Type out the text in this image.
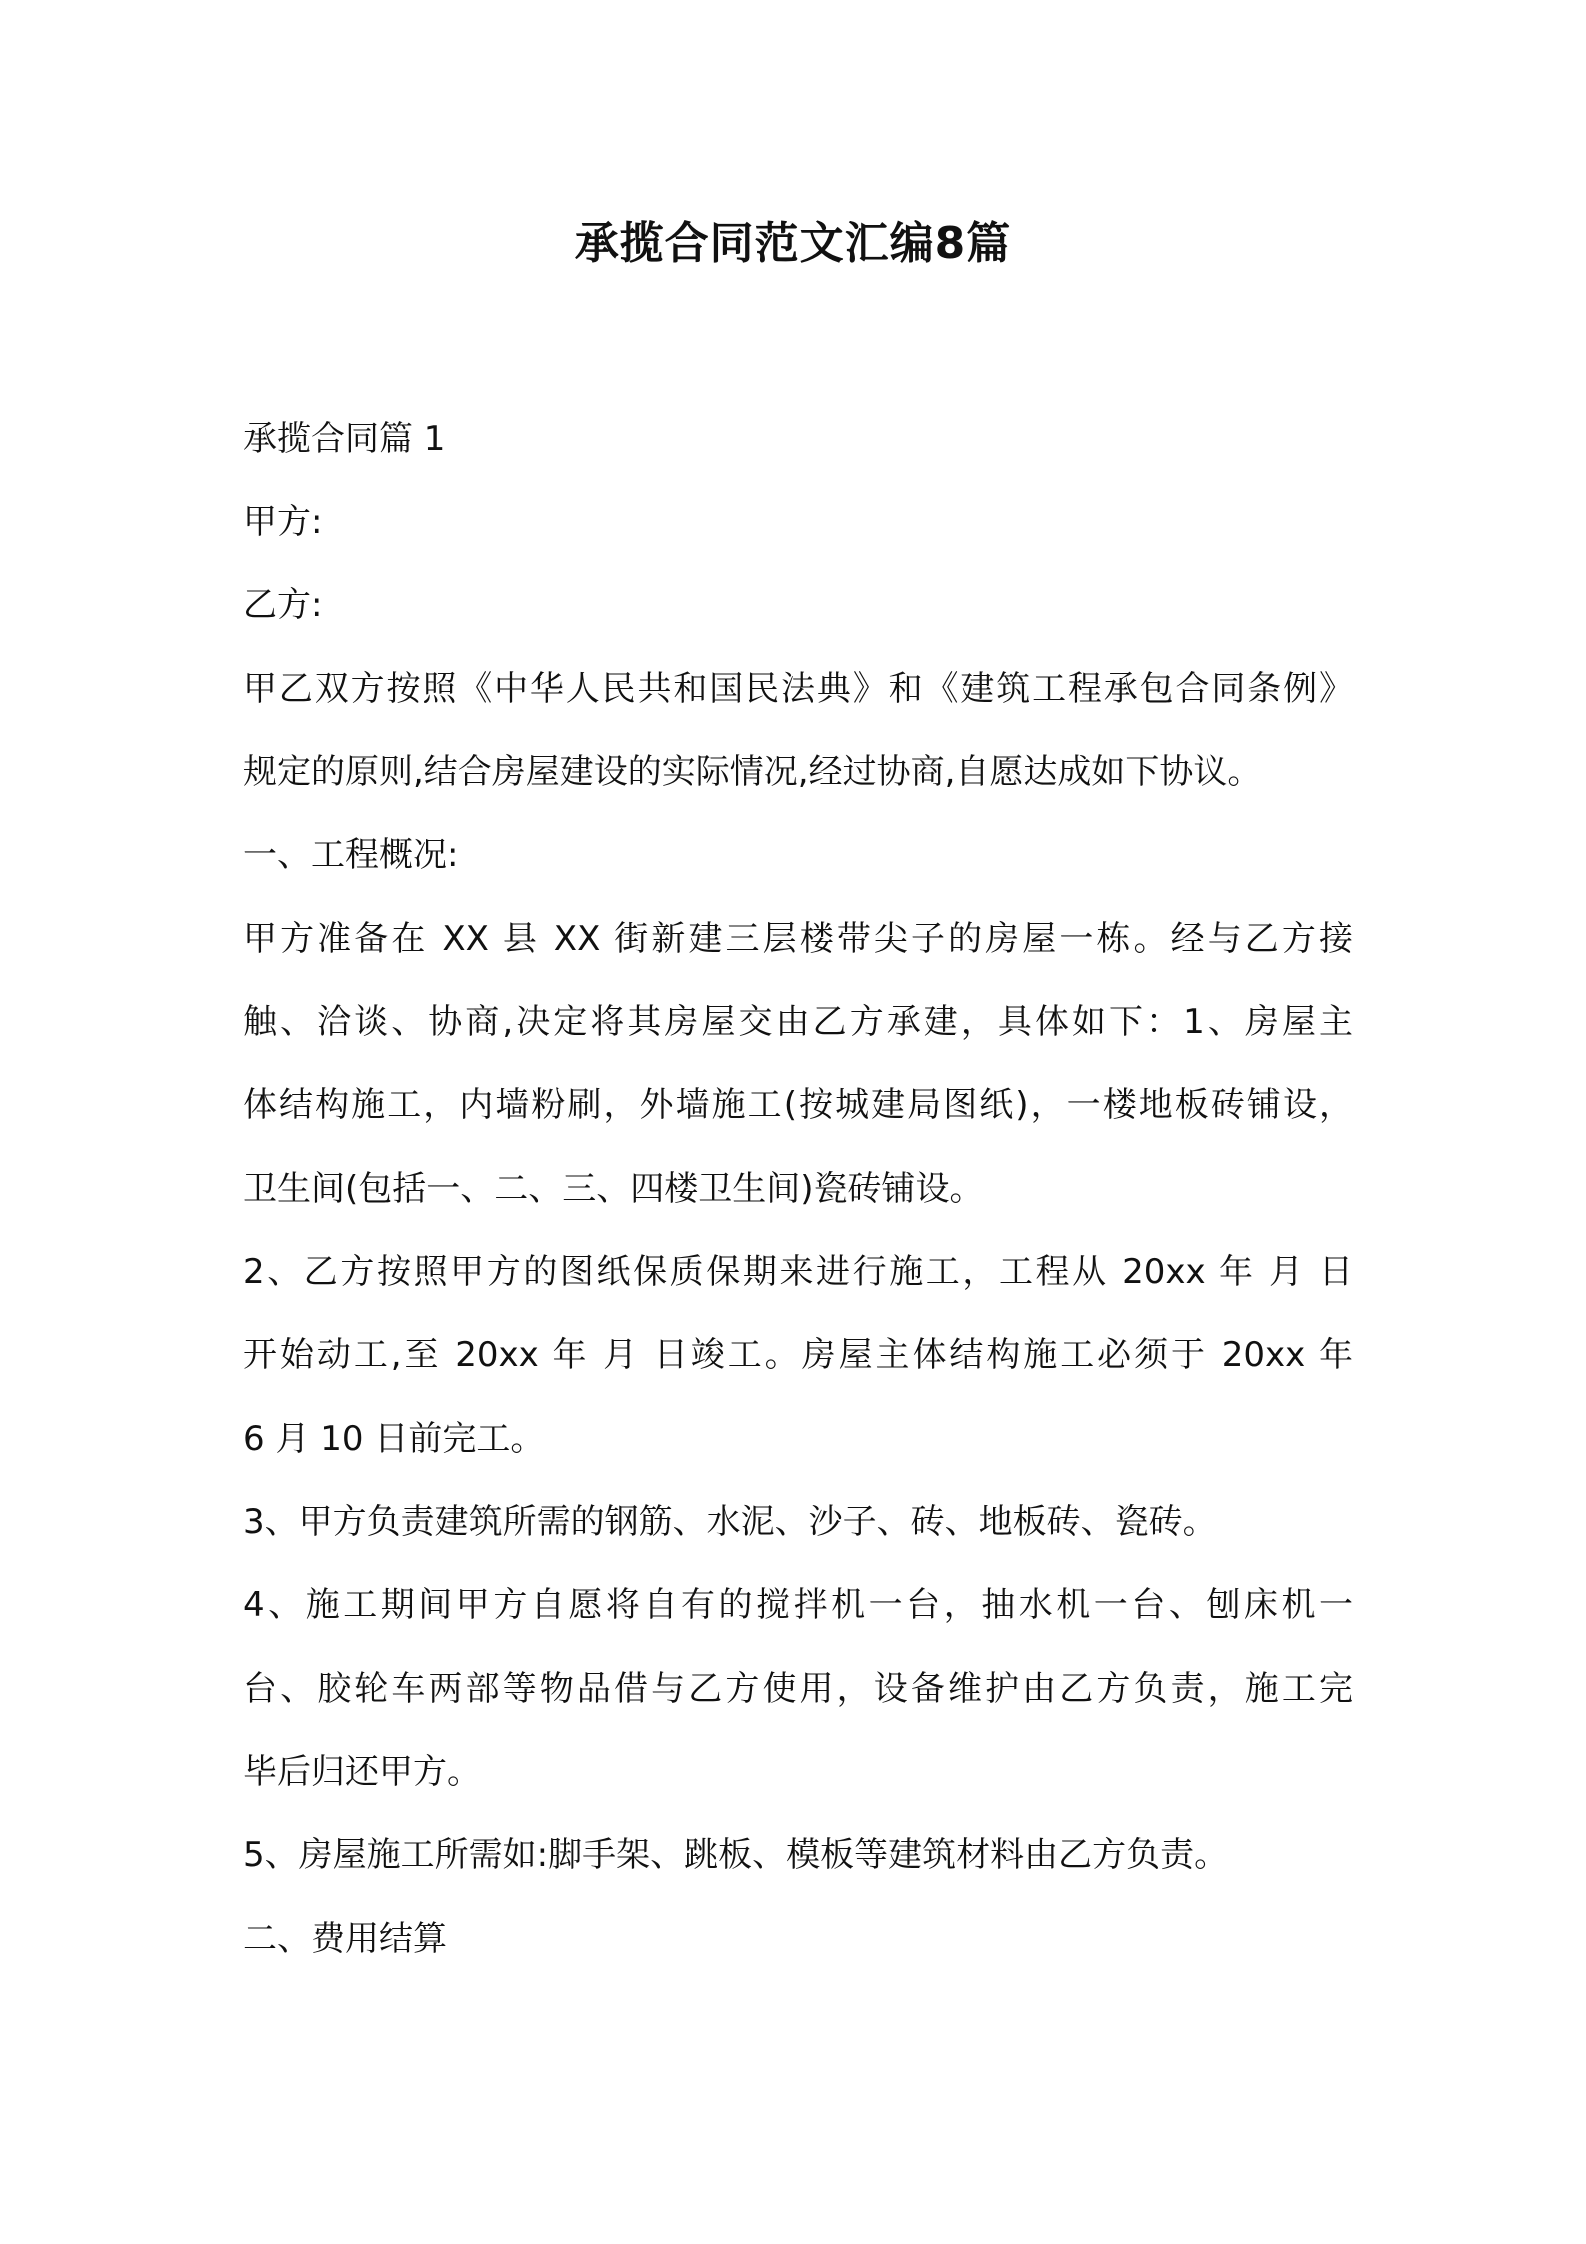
承揽合同范文汇编8篇
承揽合同篇 1
甲方:
乙方:
甲乙双方按照《中华人民共和国民法典》和《建筑工程承包合同条例》
规定的原则,结合房屋建设的实际情况,经过协商,自愿达成如下协议。
一、工程概况:
甲方准备在 XX 县 XX 街新建三层楼带尖子的房屋一栋。经与乙方接
触、洽谈、协商,决定将其房屋交由乙方承建，具体如下：1、房屋主
体结构施工，内墙粉刷，外墙施工(按城建局图纸)，一楼地板砖铺设，
卫生间(包括一、二、三、四楼卫生间)瓷砖铺设。
2、乙方按照甲方的图纸保质保期来进行施工，工程从 20xx 年 月 日
开始动工,至 20xx 年 月 日竣工。房屋主体结构施工必须于 20xx 年
6 月 10 日前完工。
3、甲方负责建筑所需的钢筋、水泥、沙子、砖、地板砖、瓷砖。
4、施工期间甲方自愿将自有的搅拌机一台，抽水机一台、刨床机一
台、胶轮车两部等物品借与乙方使用，设备维护由乙方负责，施工完
毕后归还甲方。
5、房屋施工所需如:脚手架、跳板、模板等建筑材料由乙方负责。
二、费用结算
